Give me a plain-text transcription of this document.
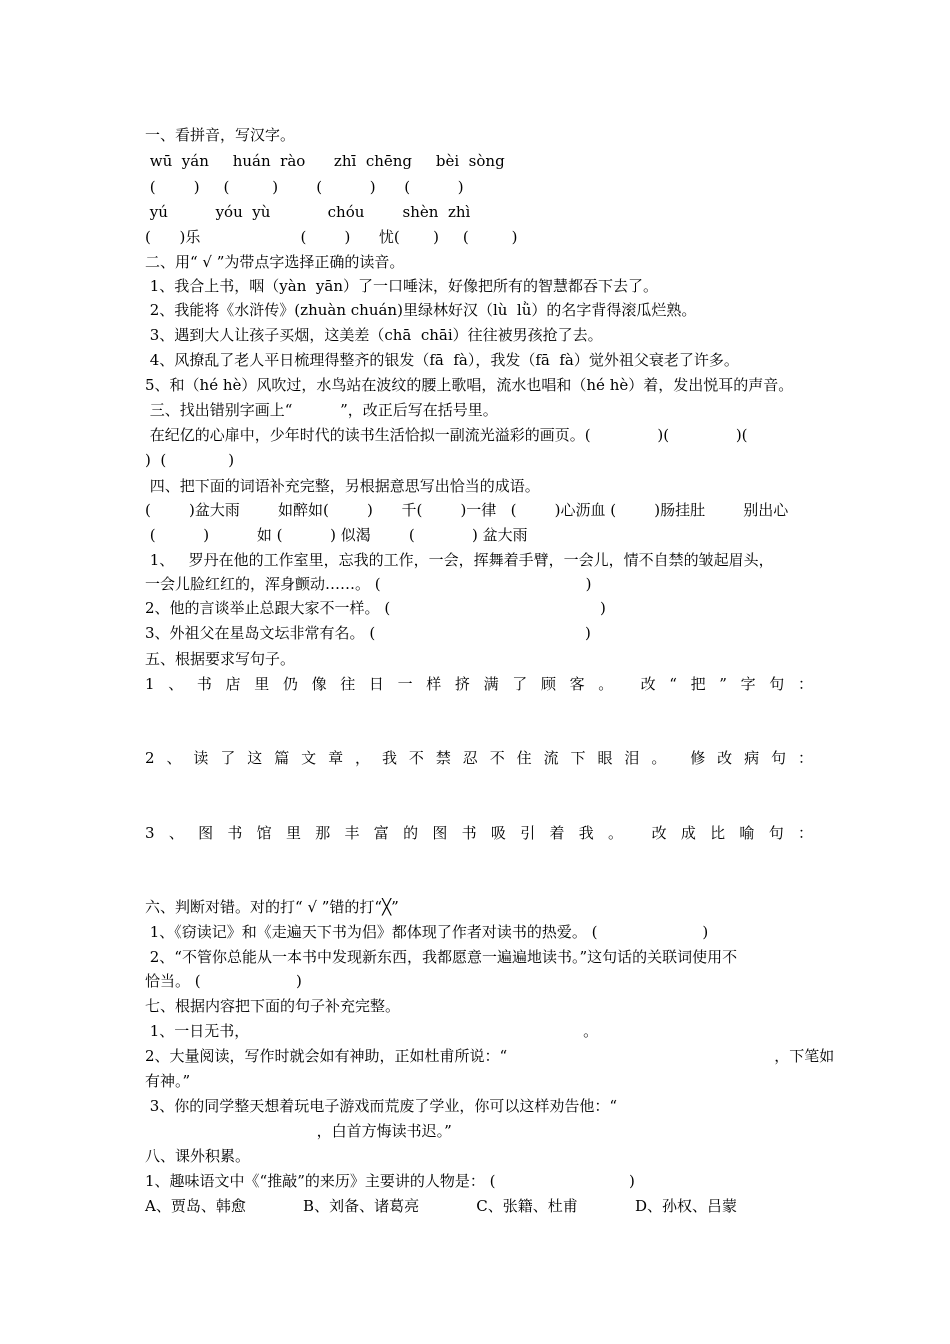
一、看拼音，写汉字。
wū  yán     huán  rào      zhī  chēng     bèi  sòng
(        )     (         )        (          )      (          )
yú          yóu  yù            chóu        shèn  zhì
(      )乐                     (        )      忧(       )     (         )
二、用“ √ ”为带点字选择正确的读音。
1、我合上书，咽（yàn  yān）了一口唾沫，好像把所有的智慧都吞下去了。
2、我能将《水浒传》(zhuàn chuán)里绿林好汉（lù  lǜ）的名字背得滚瓜烂熟。
3、遇到大人让孩子买烟，这美差（chā  chāi）往往被男孩抢了去。
4、风撩乱了老人平日梳理得整齐的银发（fā  fà），我发（fā  fà）觉外祖父衰老了许多。
5、和（hé hè）风吹过，水鸟站在波纹的腰上歌唱，流水也唱和（hé hè）着，发出悦耳的声音。
三、找出错别字画上“          ”，改正后写在括号里。
在纪亿的心扉中，少年时代的读书生活恰拟一副流光溢彩的画页。(              )(              )(
)  (             )
四、把下面的词语补充完整，另根据意思写出恰当的成语。
(        )盆大雨        如醉如(        )      千(        )一律   (        )心沥血 (        )肠挂肚        别出心
(          )          如 (          ) 似渴        (            ) 盆大雨
1、   罗丹在他的工作室里，忘我的工作，一会，挥舞着手臂，一会儿，情不自禁的皱起眉头，
一会儿脸红红的，浑身颤动……。 (                                           )
2、他的言谈举止总跟大家不一样。 (                                            )
3、外祖父在星岛文坛非常有名。 (                                            )
五、根据要求写句子。
1 、 书 店 里 仍 像 往 日 一 样 挤 满 了 顾 客 。 改 “ 把 ” 字 句 ：
2 、 读 了 这 篇 文 章 ， 我 不 禁 忍 不 住 流 下 眼 泪 。 修 改 病 句 ：
3 、 图 书 馆 里 那 丰 富 的 图 书 吸 引 着 我 。 改 成 比 喻 句 ：
六、判断对错。对的打“ √ ”错的打“╳”
1、《窃读记》和《走遍天下书为侣》都体现了作者对读书的热爱。 (                      )
2、“不管你总能从一本书中发现新东西，我都愿意一遍遍地读书。”这句话的关联词使用不
恰当。 (                    )
七、根据内容把下面的句子补充完整。
1、一日无书，                                                                      。
2、大量阅读，写作时就会如有神助，正如杜甫所说：“                                                        ，下笔如
有神。”
3、你的同学整天想着玩电子游戏而荒废了学业，你可以这样劝告他：“
，白首方悔读书迟。”
八、课外积累。
1、趣味语文中《“推敲”的来历》主要讲的人物是： (                            )
A、贾岛、韩愈            B、刘备、诸葛亮            C、张籍、杜甫            D、孙权、吕蒙
